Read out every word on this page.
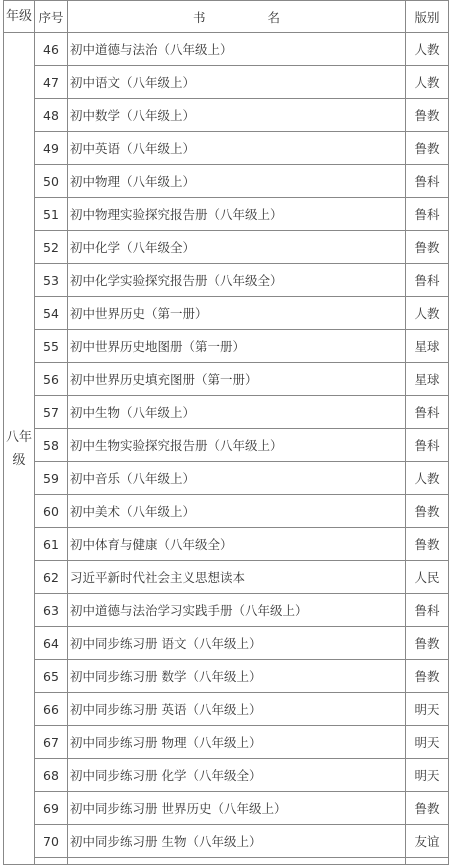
年级	序号	书 名	版别
八年级	46	初中道德与法治（八年级上）	人教
	47	初中语文（八年级上）	人教
	48	初中数学（八年级上）	鲁教
	49	初中英语（八年级上）	鲁教
	50	初中物理（八年级上）	鲁科
	51	初中物理实验探究报告册（八年级上）	鲁科
	52	初中化学（八年级全）	鲁教
	53	初中化学实验探究报告册（八年级全）	鲁科
	54	初中世界历史（第一册）	人教
	55	初中世界历史地图册（第一册）	星球
	56	初中世界历史填充图册（第一册）	星球
	57	初中生物（八年级上）	鲁科
	58	初中生物实验探究报告册（八年级上）	鲁科
	59	初中音乐（八年级上）	人教
	60	初中美术（八年级上）	鲁教
	61	初中体育与健康（八年级全）	鲁教
	62	习近平新时代社会主义思想读本	人民
	63	初中道德与法治学习实践手册（八年级上）	鲁科
	64	初中同步练习册 语文（八年级上）	鲁教
	65	初中同步练习册 数学（八年级上）	鲁教
	66	初中同步练习册 英语（八年级上）	明天
	67	初中同步练习册 物理（八年级上）	明天
	68	初中同步练习册 化学（八年级全）	明天
	69	初中同步练习册 世界历史（八年级上）	鲁教
	70	初中同步练习册 生物（八年级上）	友谊
